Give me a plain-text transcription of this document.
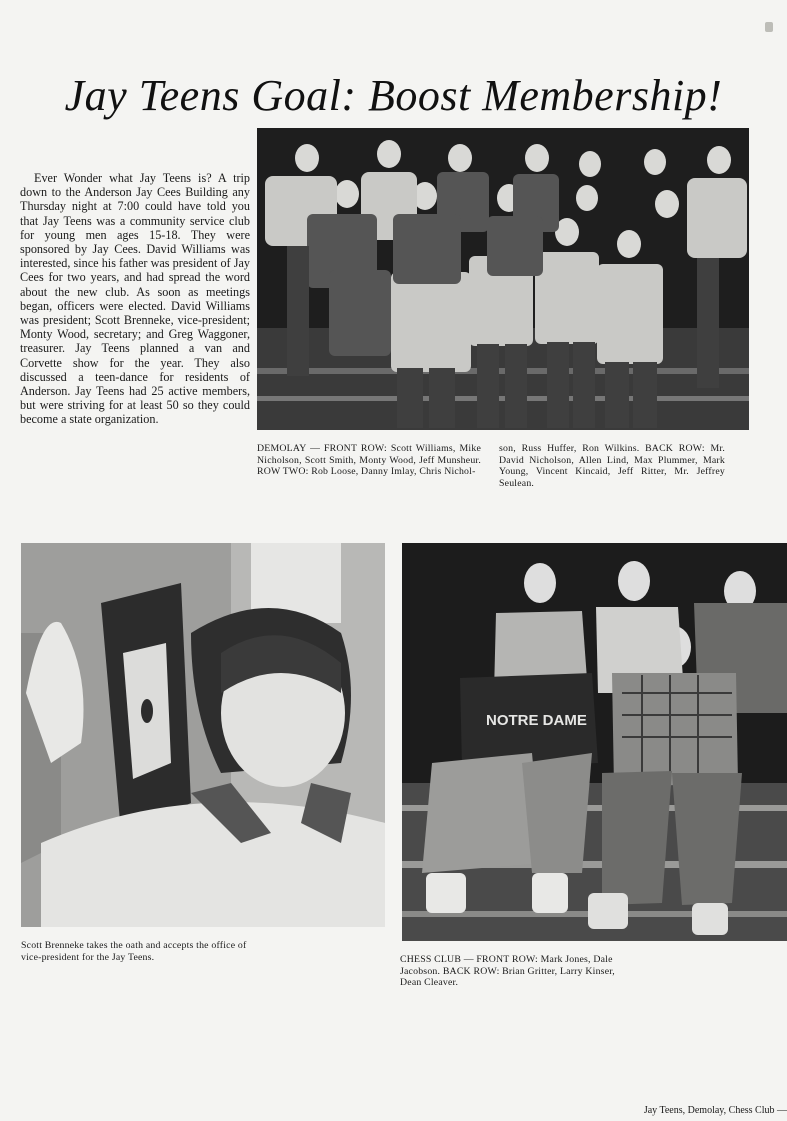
Jay Teens Goal: Boost Membership!

Ever Wonder what Jay Teens is? A trip down to the Anderson Jay Cees Building any Thursday night at 7:00 could have told you that Jay Teens was a community service club for young men ages 15-18. They were sponsored by Jay Cees. David Williams was interested, since his father was president of Jay Cees for two years, and had spread the word about the new club. As soon as meetings began, officers were elected. David Williams was president; Scott Brenneke, vice-president; Monty Wood, secretary; and Greg Waggoner, treasurer. Jay Teens planned a van and Corvette show for the year. They also discussed a teen-dance for residents of Anderson. Jay Teens had 25 active members, but were striving for at least 50 so they could become a state organization.

DEMOLAY — FRONT ROW: Scott Williams, Mike Nicholson, Scott Smith, Monty Wood, Jeff Munsheur. ROW TWO: Rob Loose, Danny Imlay, Chris Nichol-
son, Russ Huffer, Ron Wilkins. BACK ROW: Mr. David Nicholson, Allen Lind, Max Plummer, Mark Young, Vincent Kincaid, Jeff Ritter, Mr. Jeffrey Seulean.
Scott Brenneke takes the oath and accepts the office of vice-president for the Jay Teens.
NOTRE DAME
CHESS CLUB — FRONT ROW: Mark Jones, Dale Jacobson. BACK ROW: Brian Gritter, Larry Kinser, Dean Cleaver.
Jay Teens, Demolay, Chess Club —
